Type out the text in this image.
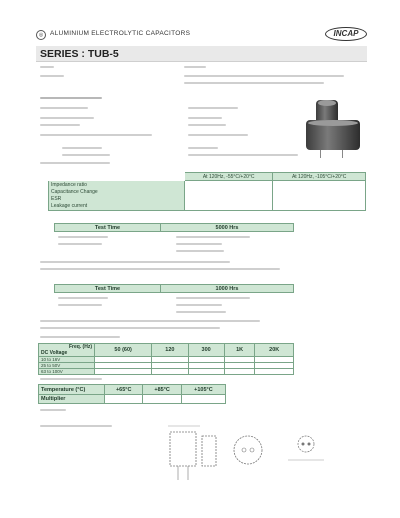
◎	ALUMINIUM ELECTROLYTIC CAPACITORS	INCAP
SERIES : TUB-5
	At 120Hz, -55°C/+20°C	At 120Hz, -105°C/+20°C

Impedance ratio
Capacitance Change
ESR
Leakage current		

Test Time	5000 Hrs
Test Time	1000 Hrs
Freq. (Hz)
DC Voltage	50 (60)	120	300	1K	20K
10 to 16V					
25 to 50V					
63 to 100V					
Temperature (°C)	+65°C	+85°C	+105°C
Multiplier			
